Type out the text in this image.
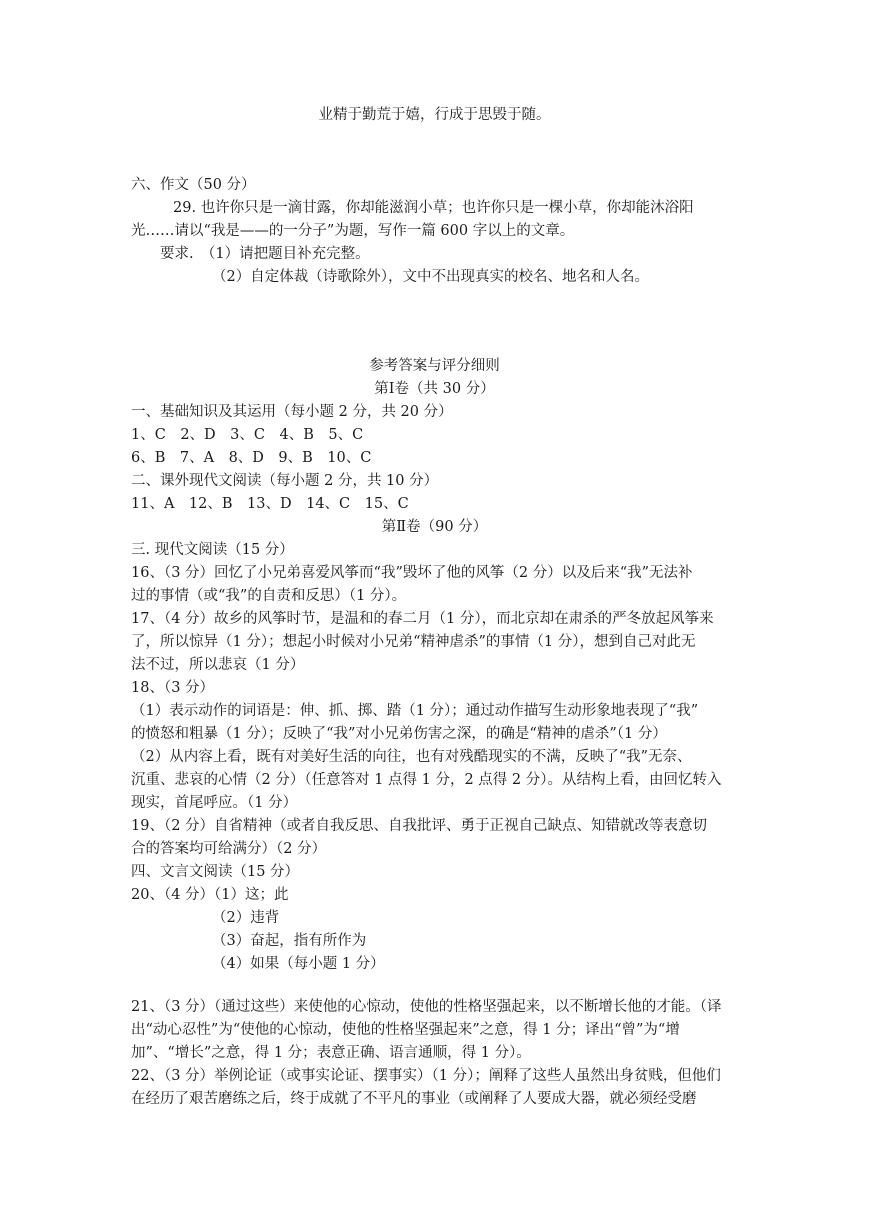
业精于勤荒于嬉，行成于思毁于随。
六、作文（50 分）
29. 也许你只是一滴甘露，你却能滋润小草；也许你只是一棵小草，你却能沐浴阳
光……请以“我是——的一分子”为题，写作一篇 600 字以上的文章。
要求.　（1）请把题目补充完整。
（2）自定体裁（诗歌除外），文中不出现真实的校名、地名和人名。
参考答案与评分细则
第Ⅰ卷（共 30 分）
一、基础知识及其运用（每小题 2 分，共 20 分）
1、C　2、D　3、C　4、B　5、C
6、B　7、A　8、D　9、B　10、C
二、课外现代文阅读（每小题 2 分，共 10 分）
11、A　12、B　13、D　14、C　15、C
第Ⅱ卷（90 分）
三. 现代文阅读（15 分）
16、（3 分）回忆了小兄弟喜爱风筝而“我”毁坏了他的风筝（2 分）以及后来“我”无法补
过的事情（或“我”的自责和反思）（1 分）。
17、（4 分）故乡的风筝时节，是温和的春二月（1 分），而北京却在肃杀的严冬放起风筝来
了，所以惊异（1 分）；想起小时候对小兄弟“精神虐杀”的事情（1 分），想到自己对此无
法不过，所以悲哀（1 分）
18、（3 分）
（1）表示动作的词语是：伸、抓、掷、踏（1 分）；通过动作描写生动形象地表现了“我”
的愤怒和粗暴（1 分）；反映了“我”对小兄弟伤害之深，的确是“精神的虐杀”（1 分）
（2）从内容上看，既有对美好生活的向往，也有对残酷现实的不满，反映了“我”无奈、
沉重、悲哀的心情（2 分）（任意答对 1 点得 1 分，2 点得 2 分）。从结构上看，由回忆转入
现实，首尾呼应。（1 分）
19、（2 分）自省精神（或者自我反思、自我批评、勇于正视自己缺点、知错就改等表意切
合的答案均可给满分）（2 分）
四、文言文阅读（15 分）
20、（4 分）（1）这；此
（2）违背
（3）奋起，指有所作为
（4）如果（每小题 1 分）
21、（3 分）（通过这些）来使他的心惊动，使他的性格坚强起来，以不断增长他的才能。（译
出“动心忍性”为“使他的心惊动，使他的性格坚强起来”之意，得 1 分；译出“曾”为“增
加”、“增长”之意，得 1 分；表意正确、语言通顺，得 1 分）。
22、（3 分）举例论证（或事实论证、摆事实）（1 分）；阐释了这些人虽然出身贫贱，但他们
在经历了艰苦磨练之后，终于成就了不平凡的事业（或阐释了人要成大器，就必须经受磨
